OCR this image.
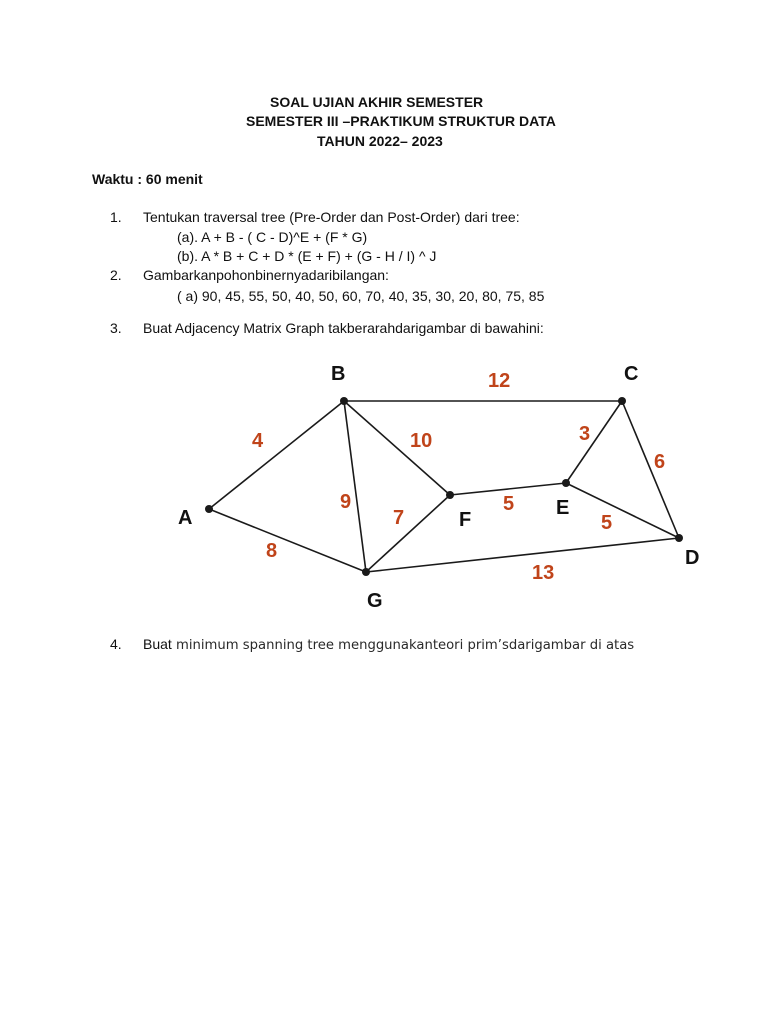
SOAL UJIAN AKHIR SEMESTER
SEMESTER III –PRAKTIKUM STRUKTUR DATA
TAHUN 2022– 2023
Waktu : 60 menit
1. Tentukan traversal tree (Pre-Order dan Post-Order) dari tree:
(a). A + B - ( C - D)^E + (F * G)
(b). A * B + C + D * (E + F) + (G - H / I) ^ J
2. Gambarkanpohonbinernyadaribilangan:
( a) 90, 45, 55, 50, 40, 50, 60, 70, 40, 35, 30, 20, 80, 75, 85
3. Buat Adjacency Matrix Graph takberarahdarigambar di bawahini:
A
B	C
D
E
F
G
4
8
12
10
9
7
5
3
6
5
13
4. Buat minimum spanning tree menggunakanteori prim’sdarigambar di atas
